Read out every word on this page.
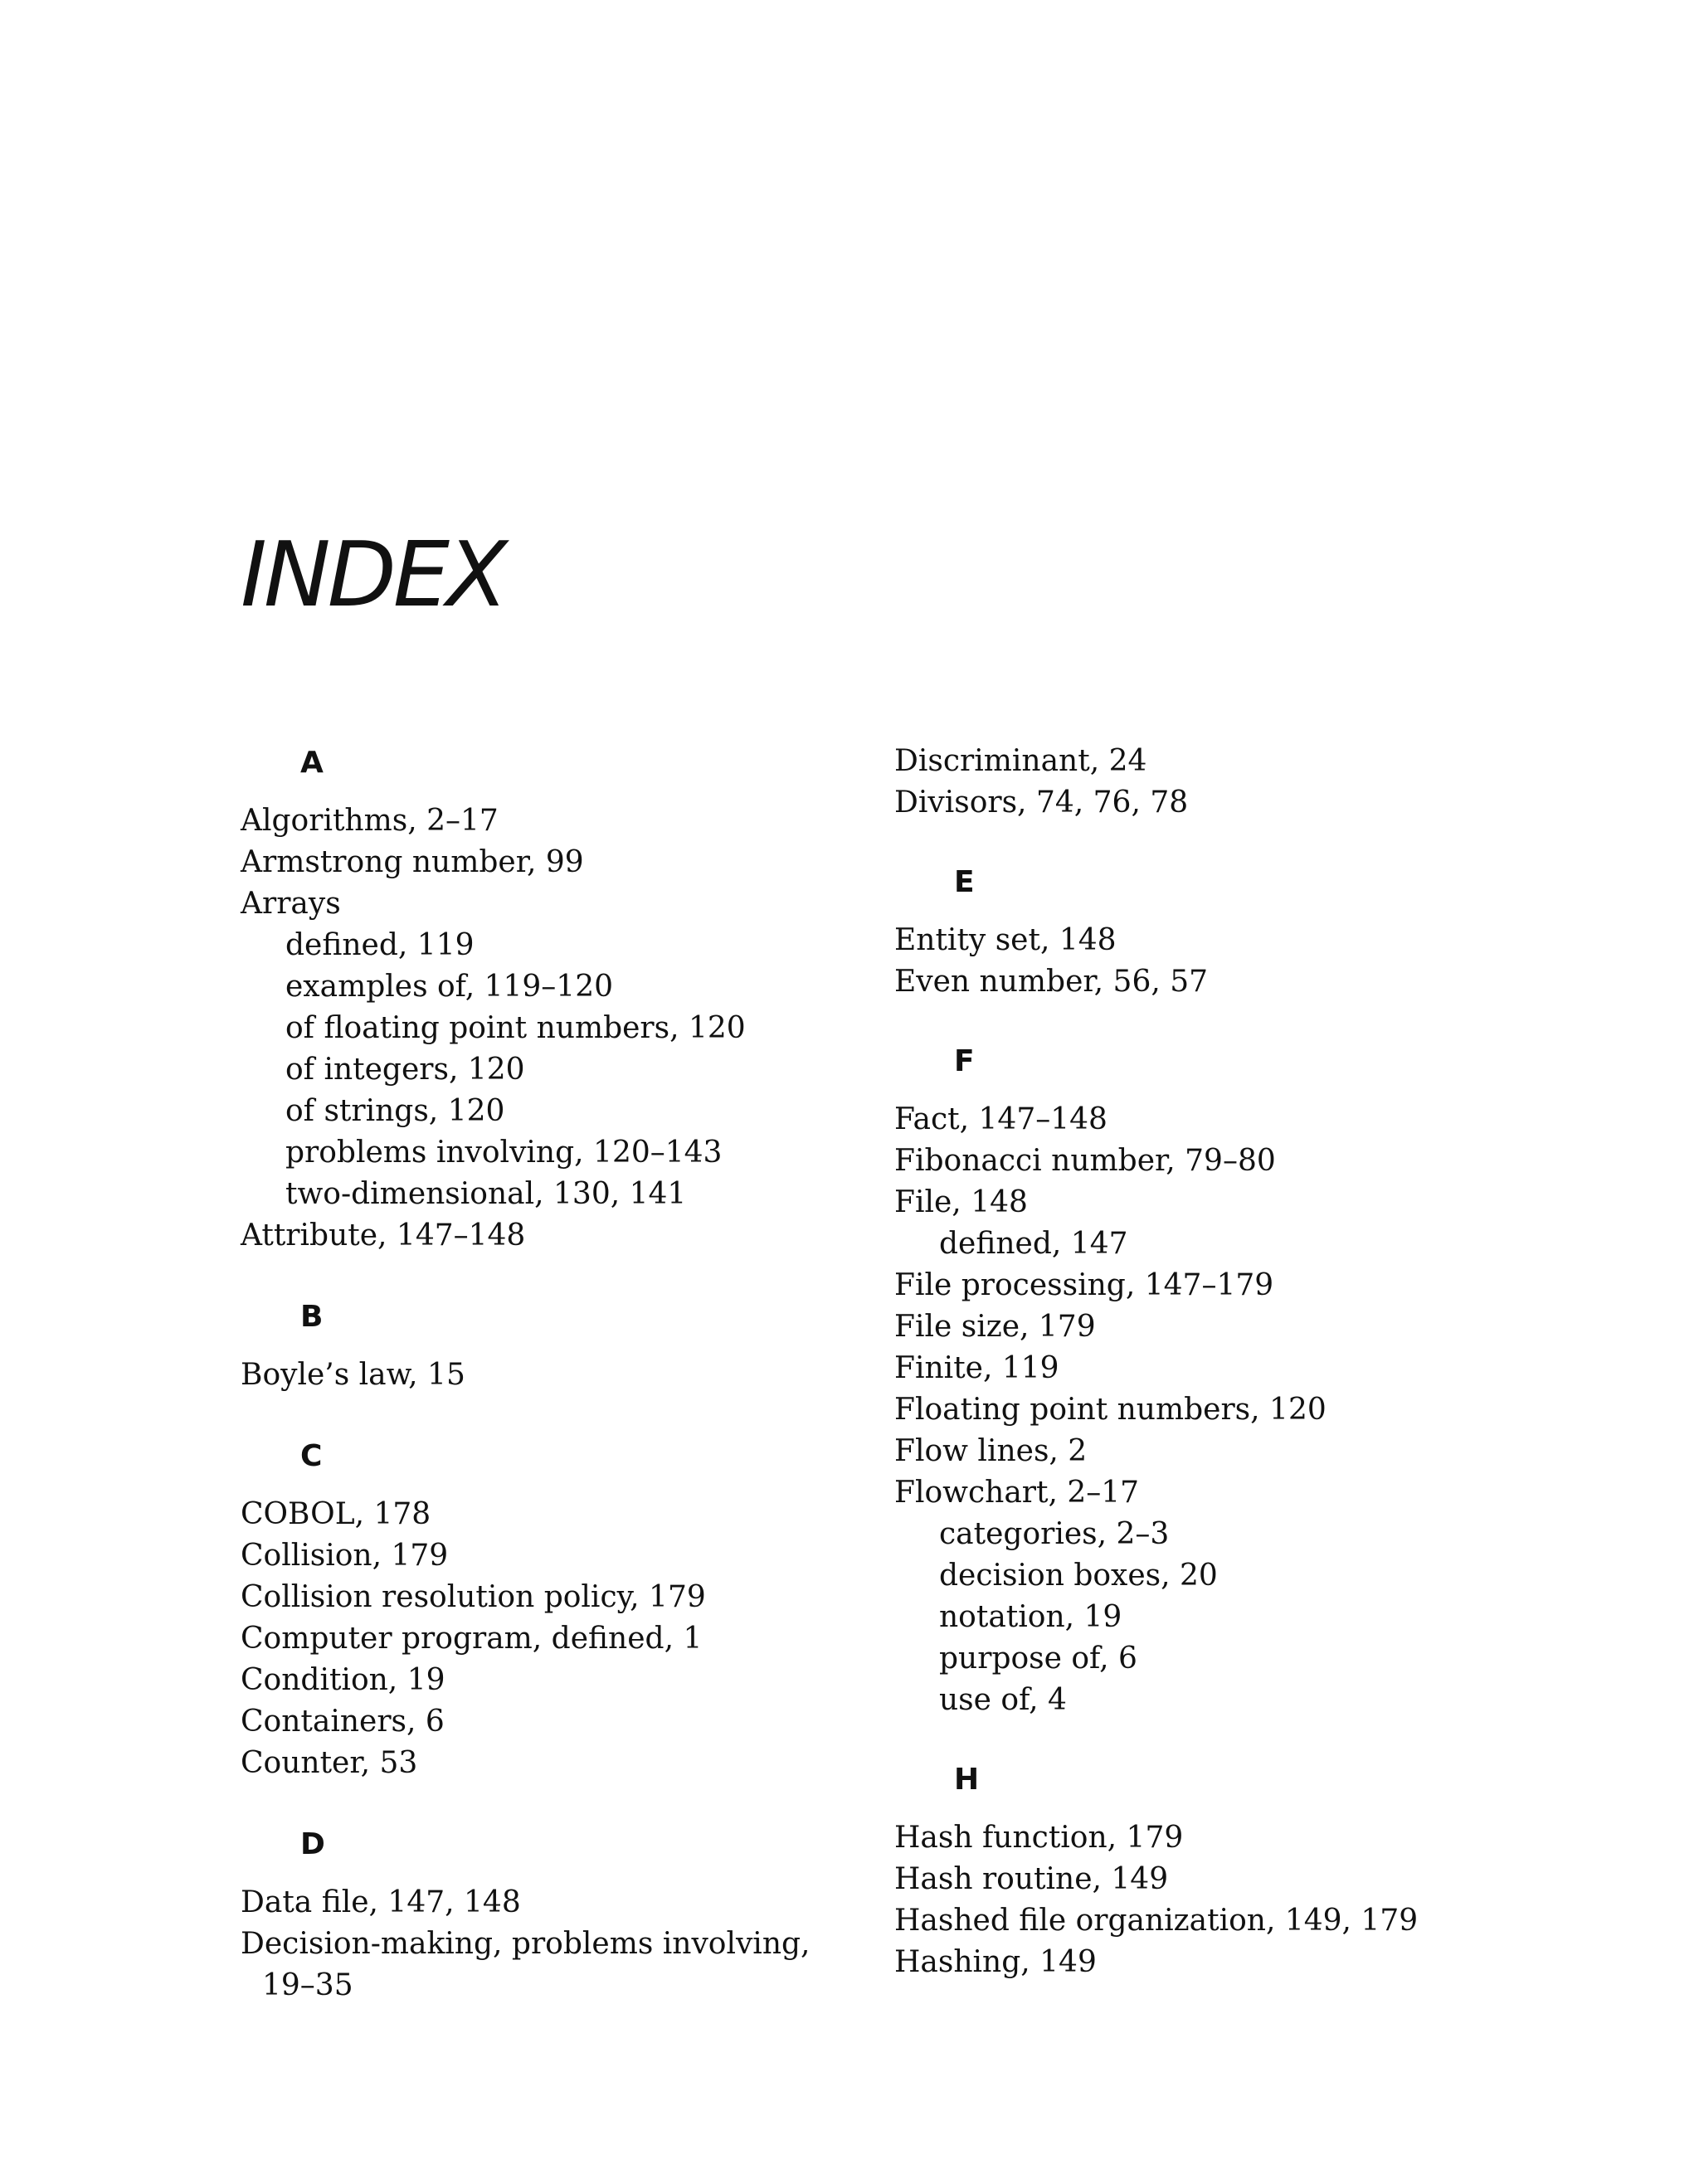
INDEX
A

Algorithms, 2–17

Armstrong number, 99

Arrays

defined, 119

examples of, 119–120

of floating point numbers, 120

of integers, 120

of strings, 120

problems involving, 120–143

two-dimensional, 130, 141

Attribute, 147–148

B

Boyle’s law, 15

C

COBOL, 178

Collision, 179

Collision resolution policy, 179

Computer program, defined, 1

Condition, 19

Containers, 6

Counter, 53

D

Data file, 147, 148

Decision-making, problems involving,

19–35

Discriminant, 24

Divisors, 74, 76, 78

E

Entity set, 148

Even number, 56, 57

F

Fact, 147–148

Fibonacci number, 79–80

File, 148

defined, 147

File processing, 147–179

File size, 179

Finite, 119

Floating point numbers, 120

Flow lines, 2

Flowchart, 2–17

categories, 2–3

decision boxes, 20

notation, 19

purpose of, 6

use of, 4

H

Hash function, 179

Hash routine, 149

Hashed file organization, 149, 179

Hashing, 149
